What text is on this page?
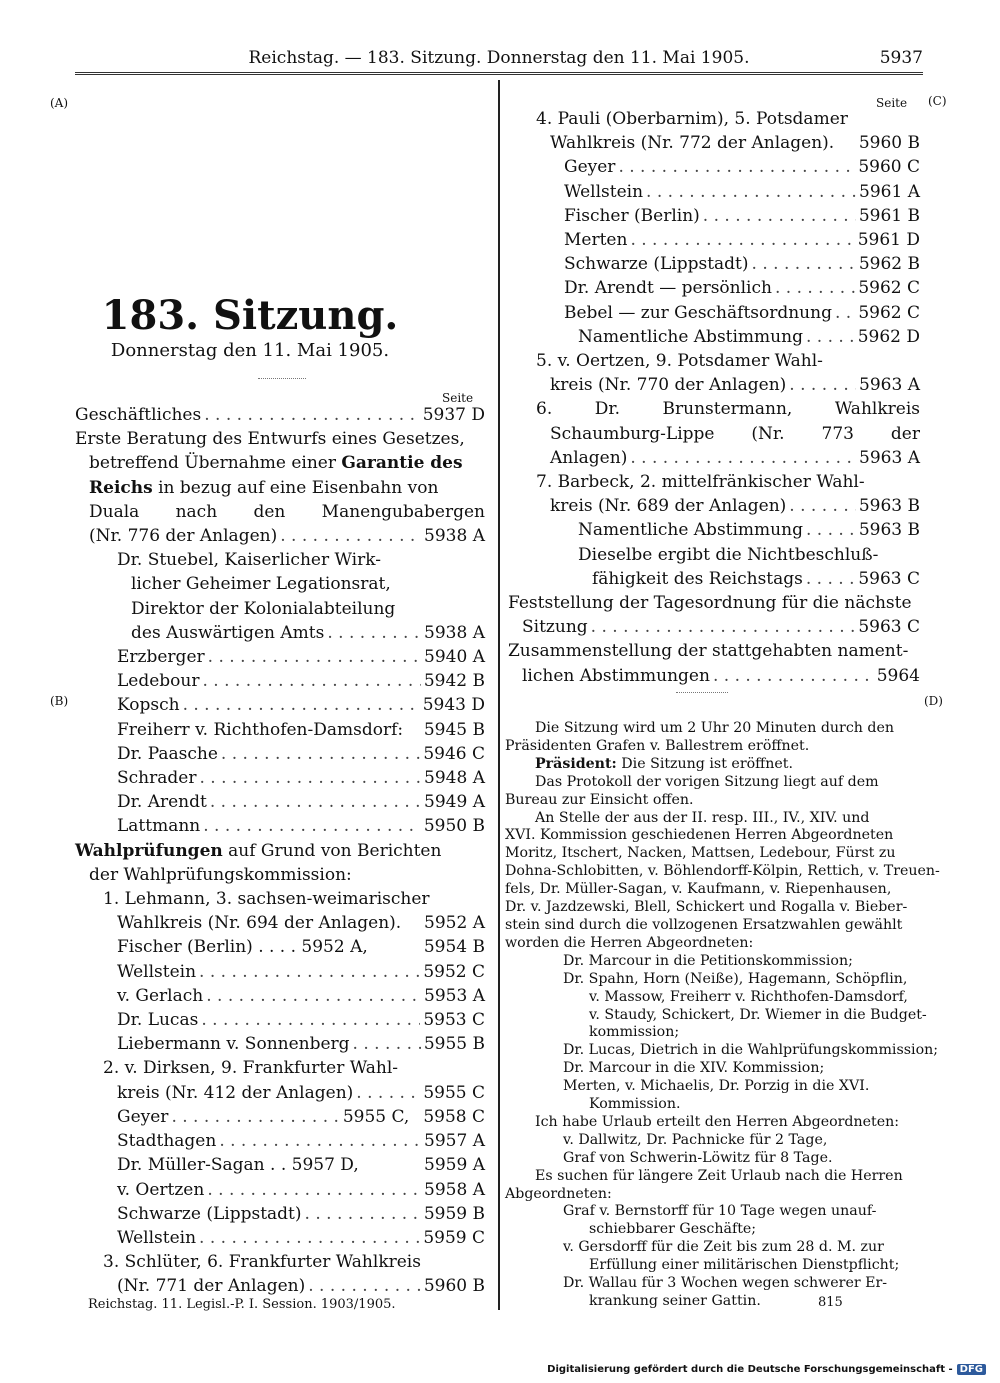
Reichstag. — 183. Sitzung. Donnerstag den 11. Mai 1905.	5937
(A)
(B)
(C)
(D)
183. Sitzung.
Donnerstag den 11. Mai 1905.
Seite
Seite
Geschäftliches . . .	5937 D
Erste Beratung des Entwurfs eines Gesetzes,
betreffend Übernahme einer Garantie des
Reichs in bezug auf eine Eisenbahn von
Duala nach den Manengubabergen
(Nr. 776 der Anlagen) . . .	5938 A
Dr. Stuebel, Kaiserlicher Wirk-
licher Geheimer Legationsrat,
Direktor der Kolonialabteilung
des Auswärtigen Amts . . .	5938 A
Erzberger . . .	5940 A
Ledebour . . .	5942 B
Kopsch . . .	5943 D
Freiherr v. Richthofen-Damsdorf: 5945 B
Dr. Paasche . . .	5946 C
Schrader . . .	5948 A
Dr. Arendt . . .	5949 A
Lattmann . . .	5950 B
Wahlprüfungen auf Grund von Berichten
der Wahlprüfungskommission:
1. Lehmann, 3. sachsen-weimarischer
Wahlkreis (Nr. 694 der Anlagen). 5952 A
Fischer (Berlin) . . . . 5952 A,	5954 B
Wellstein . . .	5952 C
v. Gerlach . . .	5953 A
Dr. Lucas . . .	5953 C
Liebermann v. Sonnenberg . . .	5955 B
2. v. Dirksen, 9. Frankfurter Wahl-
kreis (Nr. 412 der Anlagen) . . .	5955 C
Geyer . . .	5955 C, 5958 C
Stadthagen . . .	5957 A
Dr. Müller-Sagan . . 5957 D,	5959 A
v. Oertzen . . .	5958 A
Schwarze (Lippstadt) . . .	5959 B
Wellstein . . .	5959 C
3. Schlüter, 6. Frankfurter Wahlkreis
(Nr. 771 der Anlagen) . . .	5960 B
4. Pauli (Oberbarnim), 5. Potsdamer
Wahlkreis (Nr. 772 der Anlagen). 5960 B
Geyer . . .	5960 C
Wellstein . . .	5961 A
Fischer (Berlin) . . .	5961 B
Merten . . .	5961 D
Schwarze (Lippstadt) . . .	5962 B
Dr. Arendt — persönlich . . .	5962 C
Bebel — zur Geschäftsordnung . . . 5962 C
Namentliche Abstimmung . . .	5962 D
5. v. Oertzen, 9. Potsdamer Wahl-
kreis (Nr. 770 der Anlagen) . . .	5963 A
6. Dr. Brunstermann, Wahlkreis
Schaumburg-Lippe (Nr. 773 der
Anlagen) . . .	5963 A
7. Barbeck, 2. mittelfränkischer Wahl-
kreis (Nr. 689 der Anlagen) . . .	5963 B
Namentliche Abstimmung . . .	5963 B
Dieselbe ergibt die Nichtbeschluß-
fähigkeit des Reichstags . . .	5963 C
Feststellung der Tagesordnung für die nächste
Sitzung . . .	5963 C
Zusammenstellung der stattgehabten nament-
lichen Abstimmungen . . .	5964
Die Sitzung wird um 2 Uhr 20 Minuten durch den
Präsidenten Grafen v. Ballestrem eröffnet.
Präsident: Die Sitzung ist eröffnet.
Das Protokoll der vorigen Sitzung liegt auf dem
Bureau zur Einsicht offen.
An Stelle der aus der II. resp. III., IV., XIV. und
XVI. Kommission geschiedenen Herren Abgeordneten
Moritz, Itschert, Nacken, Mattsen, Ledebour, Fürst zu
Dohna-Schlobitten, v. Böhlendorff-Kölpin, Rettich, v. Treuen-
fels, Dr. Müller-Sagan, v. Kaufmann, v. Riepenhausen,
Dr. v. Jazdzewski, Blell, Schickert und Rogalla v. Bieber-
stein sind durch die vollzogenen Ersatzwahlen gewählt
worden die Herren Abgeordneten:
Dr. Marcour in die Petitionskommission;
Dr. Spahn, Horn (Neiße), Hagemann, Schöpflin,
v. Massow, Freiherr v. Richthofen-Damsdorf,
v. Staudy, Schickert, Dr. Wiemer in die Budget-
kommission;
Dr. Lucas, Dietrich in die Wahlprüfungskommission;
Dr. Marcour in die XIV. Kommission;
Merten, v. Michaelis, Dr. Porzig in die XVI.
Kommission.
Ich habe Urlaub erteilt den Herren Abgeordneten:
v. Dallwitz, Dr. Pachnicke für 2 Tage,
Graf von Schwerin-Löwitz für 8 Tage.
Es suchen für längere Zeit Urlaub nach die Herren
Abgeordneten:
Graf v. Bernstorff für 10 Tage wegen unauf-
schiebbarer Geschäfte;
v. Gersdorff für die Zeit bis zum 28 d. M. zur
Erfüllung einer militärischen Dienstpflicht;
Dr. Wallau für 3 Wochen wegen schwerer Er-
krankung seiner Gattin.
Reichstag. 11. Legisl.-P. I. Session. 1903/1905.	815
Digitalisierung gefördert durch die Deutsche Forschungsgemeinschaft - DFG
